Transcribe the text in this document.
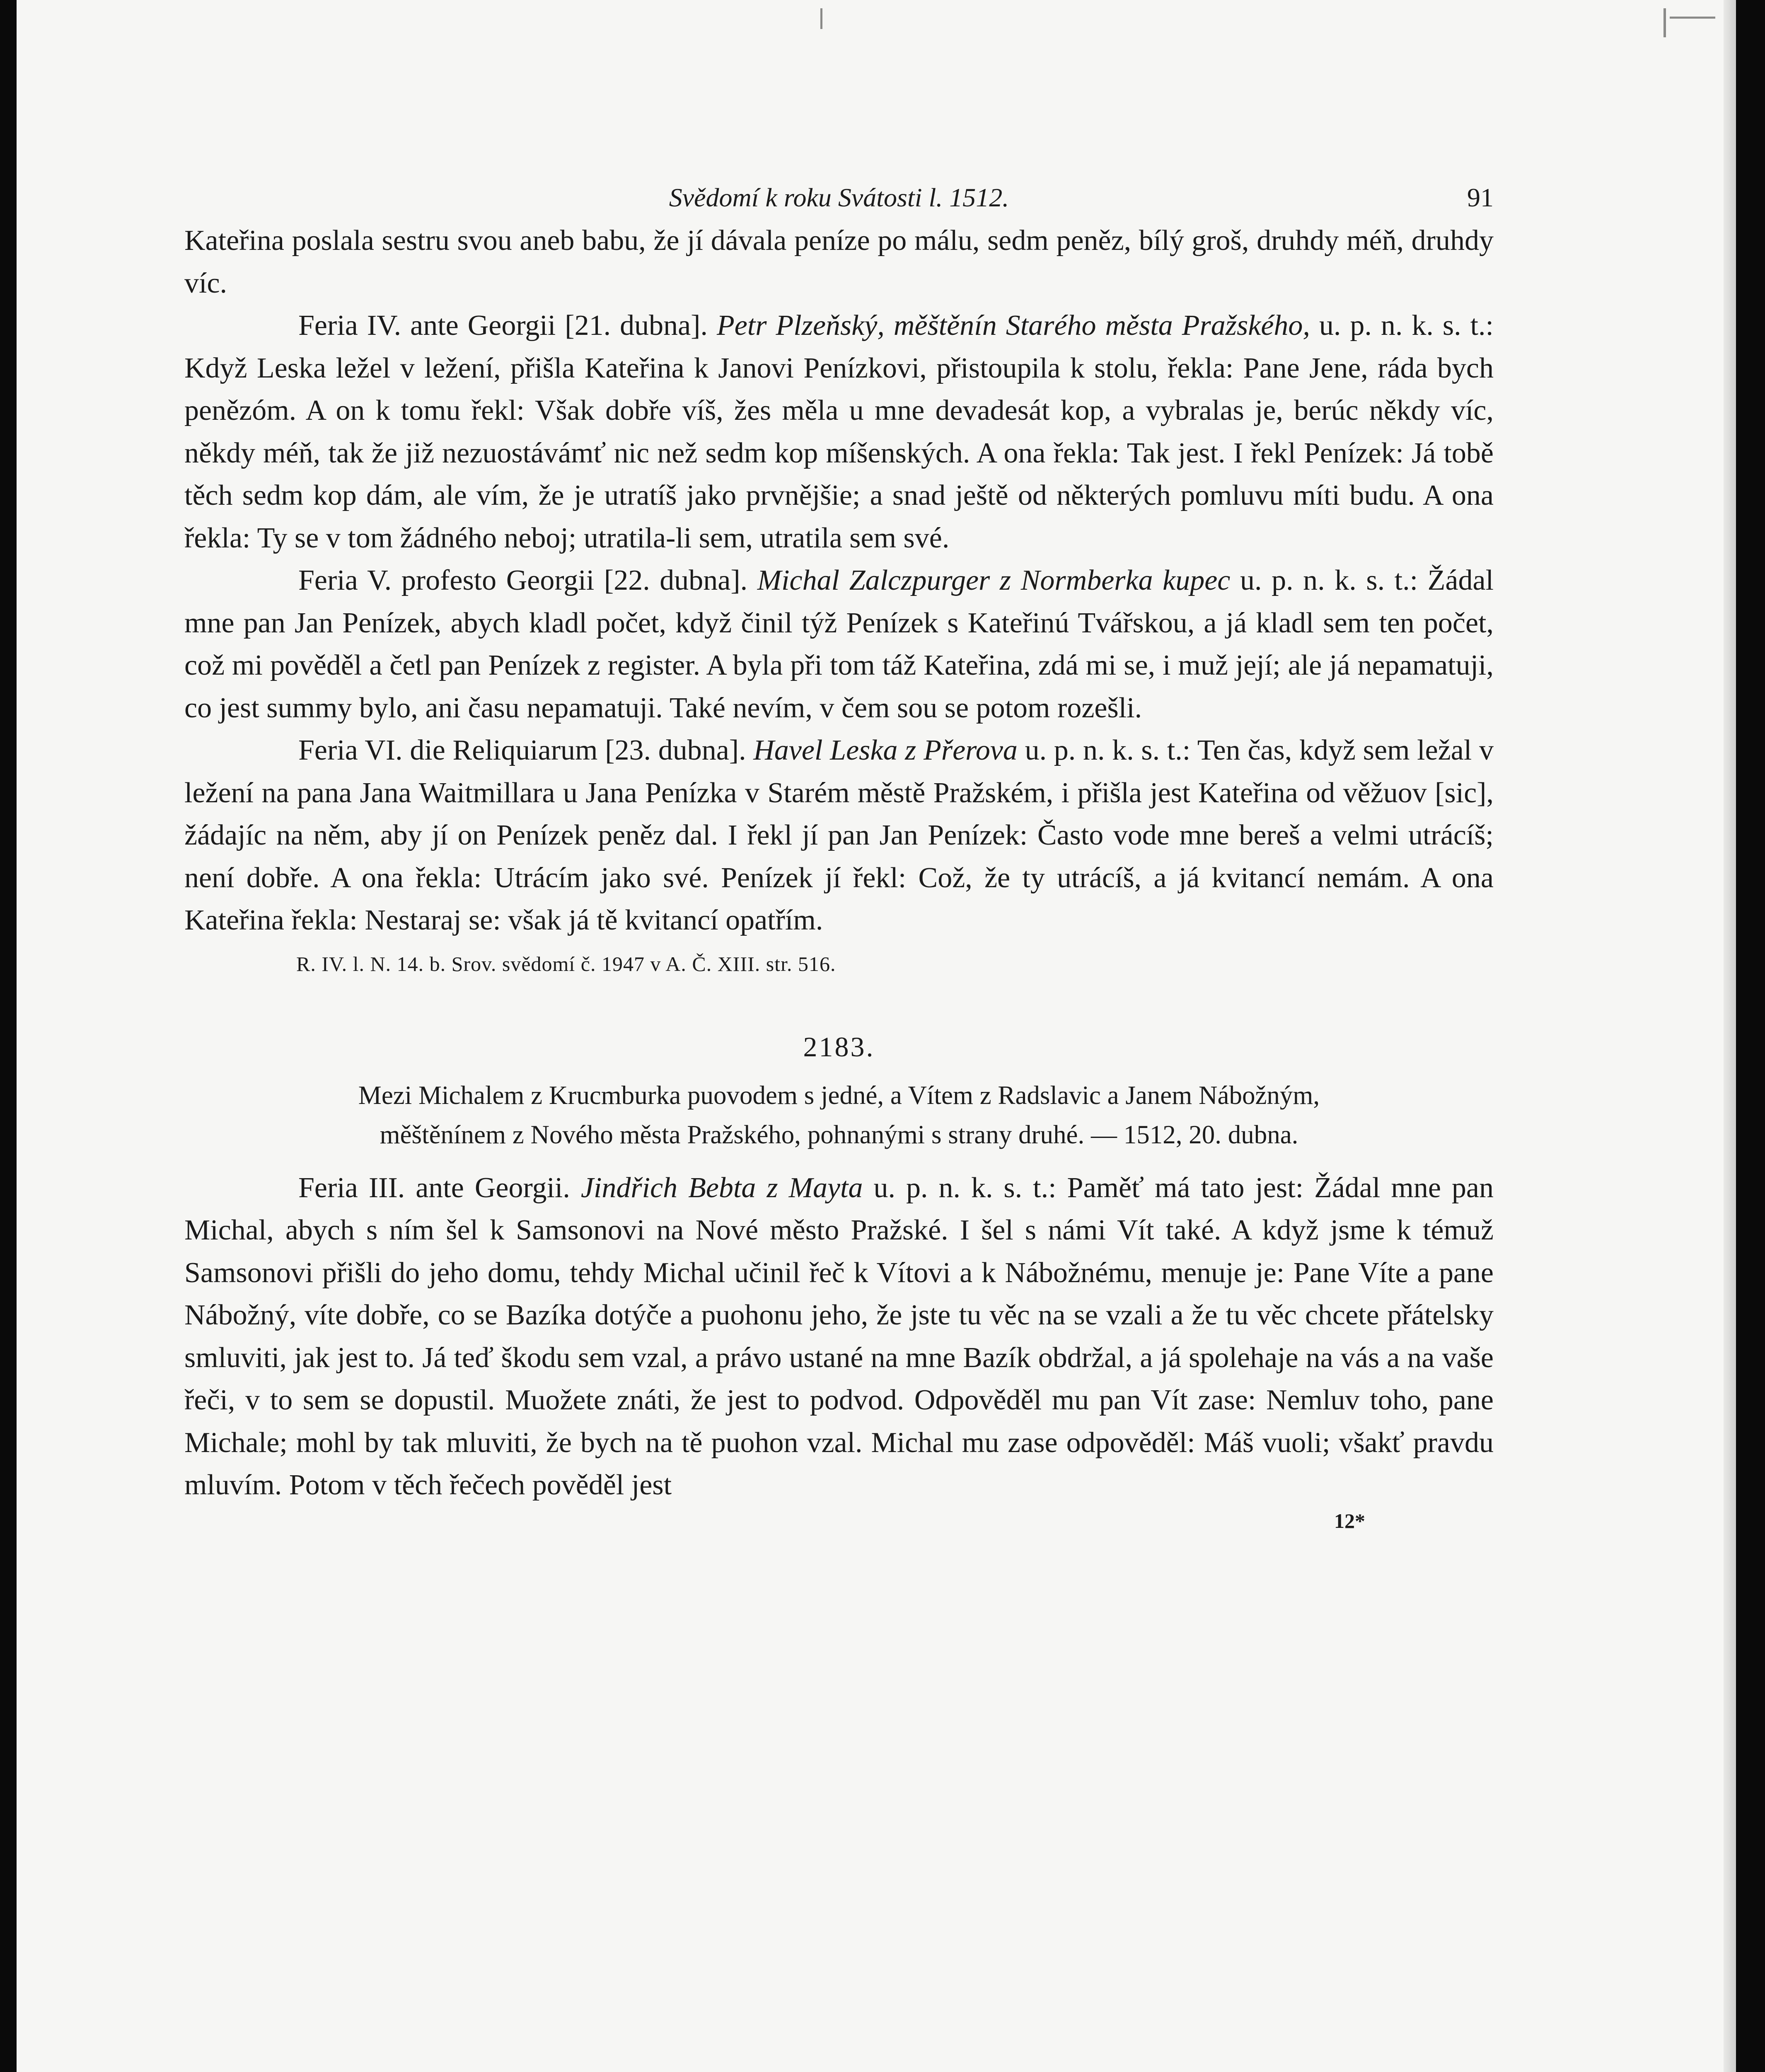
Svědomí k roku Svátosti l. 1512.	91

Kateřina poslala sestru svou aneb babu, že jí dávala peníze po málu, sedm peněz, bílý groš, druhdy méň, druhdy víc.

Feria IV. ante Georgii [21. dubna]. Petr Plzeňský, měštěnín Starého města Pražského, u. p. n. k. s. t.: Když Leska ležel v ležení, přišla Kateřina k Janovi Penízkovi, přistoupila k stolu, řekla: Pane Jene, ráda bych penězóm. A on k tomu řekl: Však dobře víš, žes měla u mne devadesát kop, a vybralas je, berúc někdy víc, někdy méň, tak že již nezuostávámť nic než sedm kop míšenských. A ona řekla: Tak jest. I řekl Penízek: Já tobě těch sedm kop dám, ale vím, že je utratíš jako prvnějšie; a snad ještě od některých pomluvu míti budu. A ona řekla: Ty se v tom žádného neboj; utratila-li sem, utratila sem své.

Feria V. profesto Georgii [22. dubna]. Michal Zalczpurger z Normberka kupec u. p. n. k. s. t.: Žádal mne pan Jan Penízek, abych kladl počet, když činil týž Penízek s Kateřinú Tvářskou, a já kladl sem ten počet, což mi pověděl a četl pan Penízek z register. A byla při tom táž Kateřina, zdá mi se, i muž její; ale já nepamatuji, co jest summy bylo, ani času nepamatuji. Také nevím, v čem sou se potom rozešli.

Feria VI. die Reliquiarum [23. dubna]. Havel Leska z Přerova u. p. n. k. s. t.: Ten čas, když sem ležal v ležení na pana Jana Waitmillara u Jana Penízka v Starém městě Pražském, i přišla jest Kateřina od věžuov [sic], žádajíc na něm, aby jí on Penízek peněz dal. I řekl jí pan Jan Penízek: Často vode mne bereš a velmi utrácíš; není dobře. A ona řekla: Utrácím jako své. Penízek jí řekl: Což, že ty utrácíš, a já kvitancí nemám. A ona Kateřina řekla: Nestaraj se: však já tě kvitancí opatřím.

R. IV. l. N. 14. b. Srov. svědomí č. 1947 v A. Č. XIII. str. 516.
2183.
Mezi Michalem z Krucmburka puovodem s jedné, a Vítem z Radslavic a Janem Nábožným,
měštěnínem z Nového města Pražského, pohnanými s strany druhé. — 1512, 20. dubna.

Feria III. ante Georgii. Jindřich Bebta z Mayta u. p. n. k. s. t.: Paměť má tato jest: Žádal mne pan Michal, abych s ním šel k Samsonovi na Nové město Pražské. I šel s námi Vít také. A když jsme k témuž Samsonovi přišli do jeho domu, tehdy Michal učinil řeč k Vítovi a k Nábožnému, menuje je: Pane Víte a pane Nábožný, víte dobře, co se Bazíka dotýče a puohonu jeho, že jste tu věc na se vzali a že tu věc chcete přátelsky smluviti, jak jest to. Já teď škodu sem vzal, a právo ustané na mne Bazík obdržal, a já spolehaje na vás a na vaše řeči, v to sem se dopustil. Muožete znáti, že jest to podvod. Odpověděl mu pan Vít zase: Nemluv toho, pane Michale; mohl by tak mluviti, že bych na tě puohon vzal. Michal mu zase odpověděl: Máš vuoli; všakť pravdu mluvím. Potom v těch řečech pověděl jest

12*
